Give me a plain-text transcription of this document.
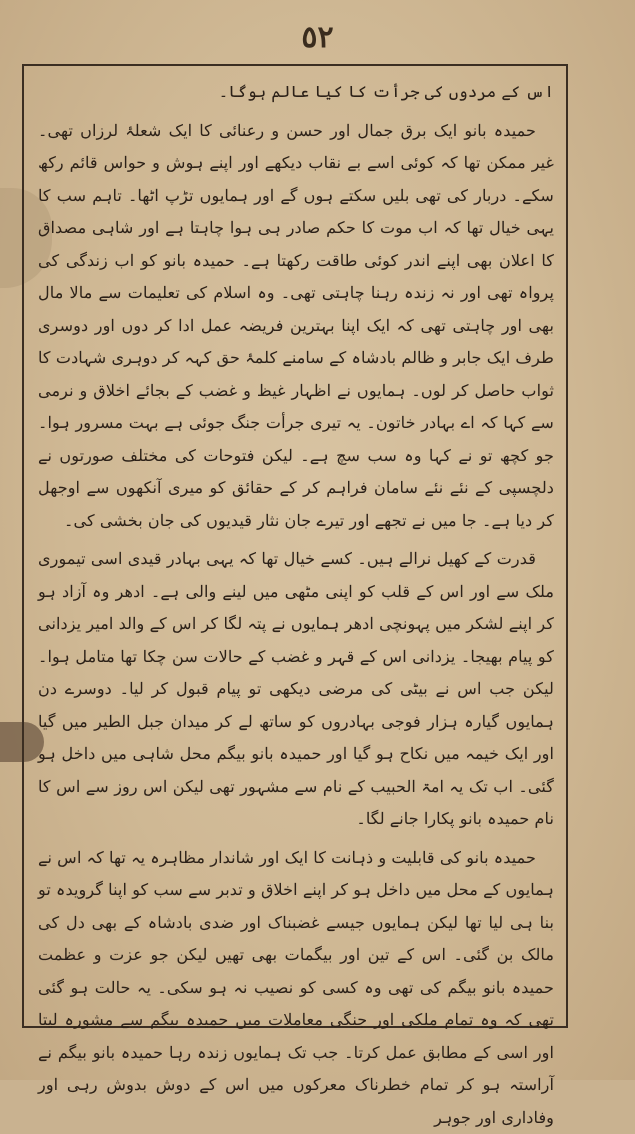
٥٢

اس کے مردوں کی جرأت کا کیا عالم ہوگا۔

حمیدہ بانو ایک برق جمال اور حسن و رعنائی کا ایک شعلۂ لرزاں تھی۔ غیر ممکن تھا کہ کوئی اسے بے نقاب دیکھے اور اپنے ہوش و حواس قائم رکھ سکے۔ دربار کی تھی بلیں سکتے ہوں گے اور ہمایوں تڑپ اٹھا۔ تاہم سب کا یہی خیال تھا کہ اب موت کا حکم صادر ہی ہوا چاہتا ہے اور شاہی مصداق کا اعلان بھی اپنے اندر کوئی طاقت رکھتا ہے۔ حمیدہ بانو کو اب زندگی کی پرواہ تھی اور نہ زندہ رہنا چاہتی تھی۔ وہ اسلام کی تعلیمات سے مالا مال بھی اور چاہتی تھی کہ ایک اپنا بہترین فریضہ عمل ادا کر دوں اور دوسری طرف ایک جابر و ظالم بادشاہ کے سامنے کلمۂ حق کہہ کر دوہری شہادت کا ثواب حاصل کر لوں۔ ہمایوں نے اظہار غیظ و غضب کے بجائے اخلاق و نرمی سے کہا کہ اے بہادر خاتون۔ یہ تیری جرأت جنگ جوئی ہے بہت مسرور ہوا۔ جو کچھ تو نے کہا وہ سب سچ ہے۔ لیکن فتوحات کی مختلف صورتوں نے دلچسپی کے نئے نئے سامان فراہم کر کے حقائق کو میری آنکھوں سے اوجھل کر دیا ہے۔ جا میں نے تجھے اور تیرے جان نثار قیدیوں کی جان بخشی کی۔

قدرت کے کھیل نرالے ہیں۔ کسے خیال تھا کہ یہی بہادر قیدی اسی تیموری ملک سے اور اس کے قلب کو اپنی مٹھی میں لینے والی ہے۔ ادھر وہ آزاد ہو کر اپنے لشکر میں پہونچی ادھر ہمایوں نے پتہ لگا کر اس کے والد امیر یزدانی کو پیام بھیجا۔ یزدانی اس کے قہر و غضب کے حالات سن چکا تھا متامل ہوا۔ لیکن جب اس نے بیٹی کی مرضی دیکھی تو پیام قبول کر لیا۔ دوسرے دن ہمایوں گیارہ ہزار فوجی بہادروں کو ساتھ لے کر میدان جبل الطیر میں گیا اور ایک خیمہ میں نکاح ہو گیا اور حمیدہ بانو بیگم محل شاہی میں داخل ہو گئی۔ اب تک یہ امۃ الحبیب کے نام سے مشہور تھی لیکن اس روز سے اس کا نام حمیدہ بانو پکارا جانے لگا۔

حمیدہ بانو کی قابلیت و ذہانت کا ایک اور شاندار مظاہرہ یہ تھا کہ اس نے ہمایوں کے محل میں داخل ہو کر اپنے اخلاق و تدبر سے سب کو اپنا گرویدہ تو بنا ہی لیا تھا لیکن ہمایوں جیسے غضبناک اور ضدی بادشاہ کے بھی دل کی مالک بن گئی۔ اس کے تین اور بیگمات بھی تھیں لیکن جو عزت و عظمت حمیدہ بانو بیگم کی تھی وہ کسی کو نصیب نہ ہو سکی۔ یہ حالت ہو گئی تھی کہ وہ تمام ملکی اور جنگی معاملات میں حمیدہ بیگم سے مشورہ لیتا اور اسی کے مطابق عمل کرتا۔ جب تک ہمایوں زندہ رہا حمیدہ بانو بیگم نے آراستہ ہو کر تمام خطرناک معرکوں میں اس کے دوش بدوش رہی اور وفاداری اور جوہر
